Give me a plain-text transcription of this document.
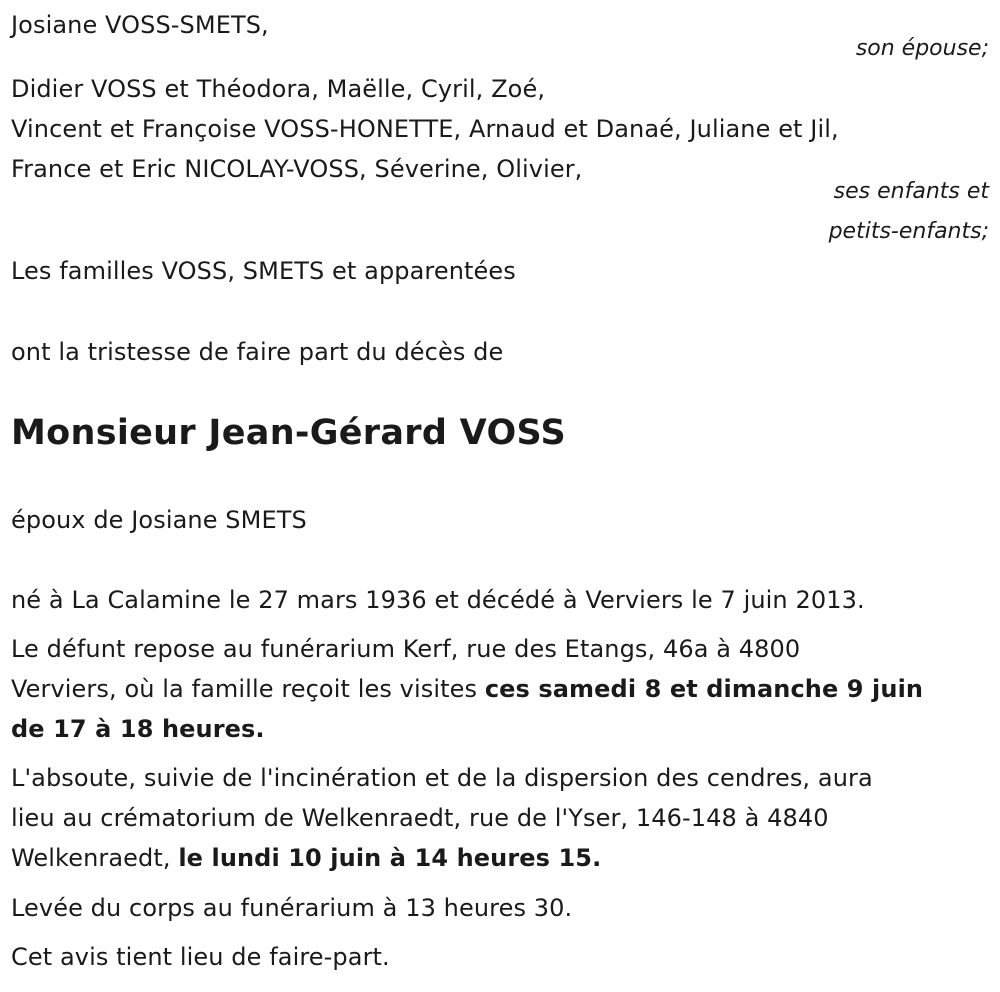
Josiane VOSS-SMETS,
son épouse;
Didier VOSS et Théodora, Maëlle, Cyril, Zoé,
Vincent et Françoise VOSS-HONETTE, Arnaud et Danaé, Juliane et Jil,
France et Eric NICOLAY-VOSS, Séverine, Olivier,
ses enfants et
petits-enfants;
Les familles VOSS, SMETS et apparentées
ont la tristesse de faire part du décès de
Monsieur Jean-Gérard VOSS
époux de Josiane SMETS
né à La Calamine le 27 mars 1936 et décédé à Verviers le 7 juin 2013.
Le défunt repose au funérarium Kerf, rue des Etangs, 46a à 4800
Verviers, où la famille reçoit les visites ces samedi 8 et dimanche 9 juin
de 17 à 18 heures.
L'absoute, suivie de l'incinération et de la dispersion des cendres, aura
lieu au crématorium de Welkenraedt, rue de l'Yser, 146-148 à 4840
Welkenraedt, le lundi 10 juin à 14 heures 15.
Levée du corps au funérarium à 13 heures 30.
Cet avis tient lieu de faire-part.
